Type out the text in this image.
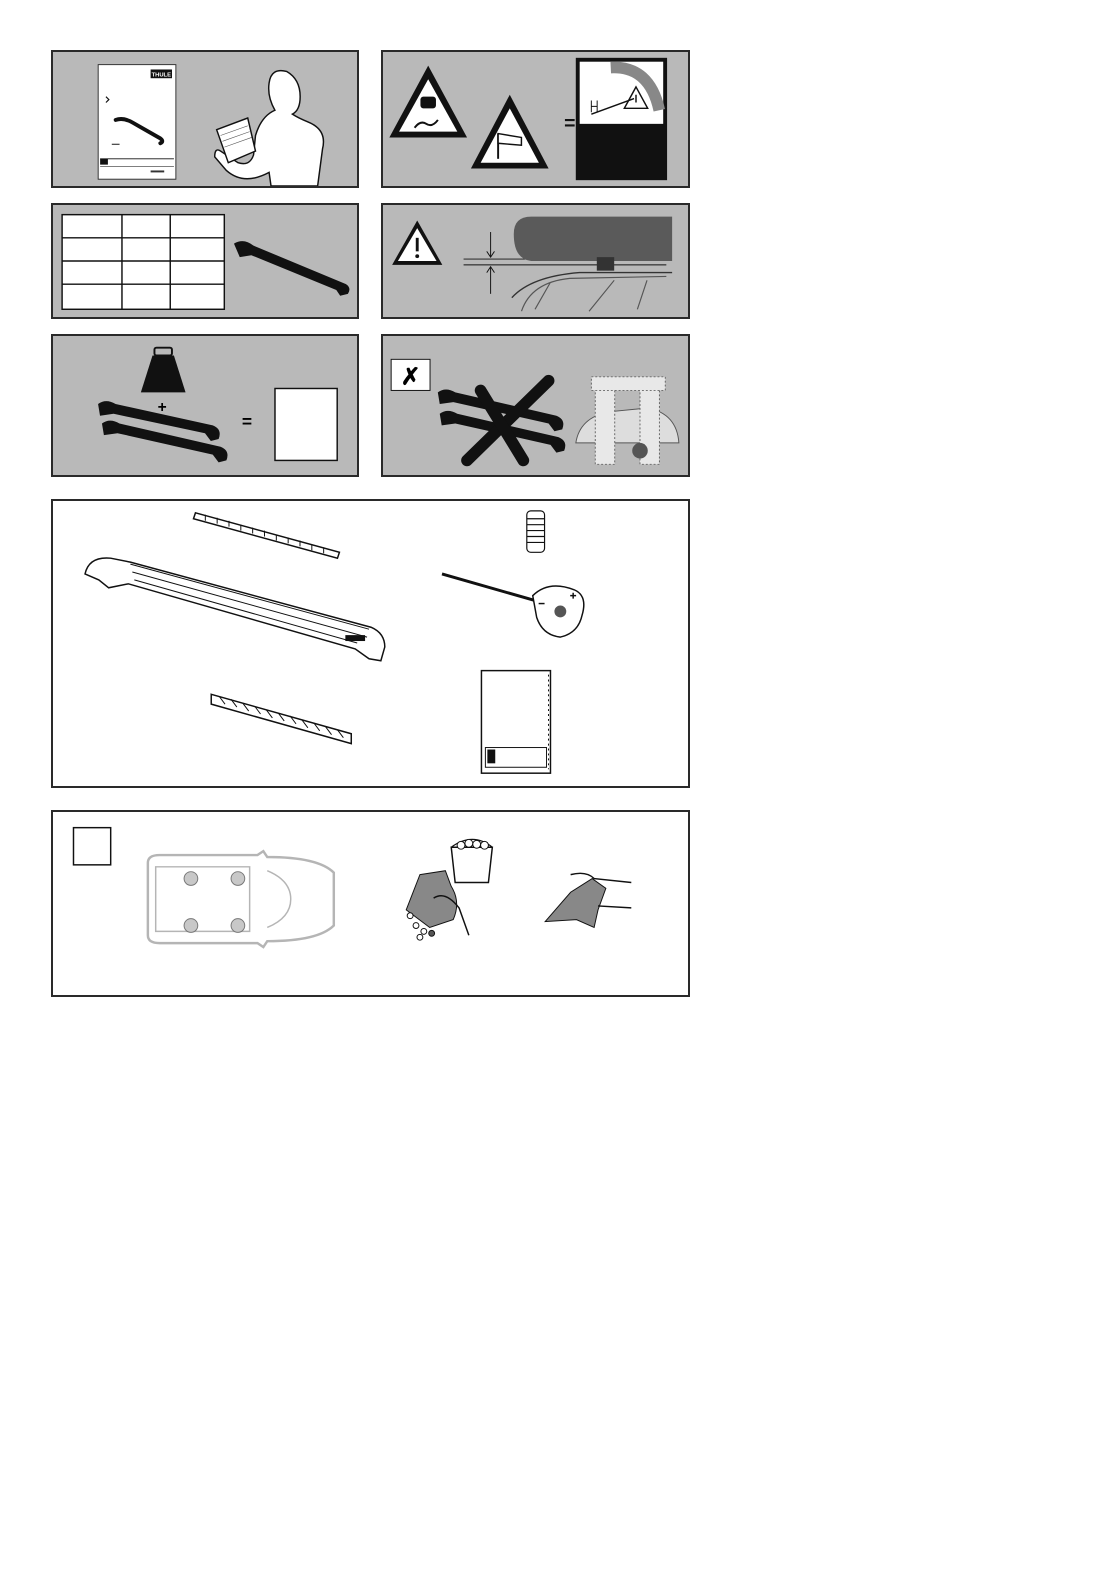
THULE
=
+
=
✗
